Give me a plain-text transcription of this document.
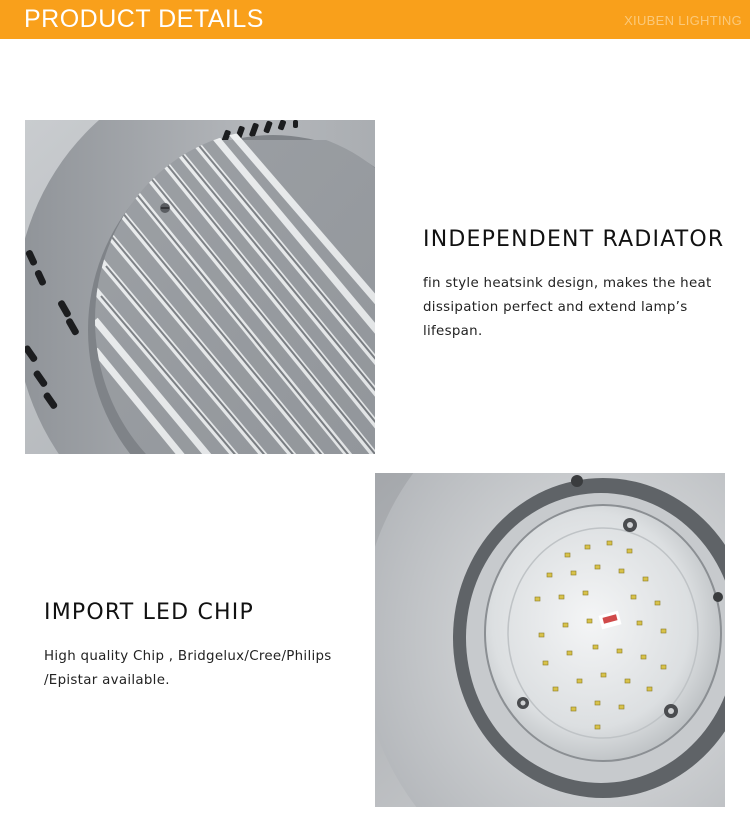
PRODUCT DETAILS	XIUBEN LIGHTING
INDEPENDENT RADIATOR
fin style heatsink design, makes the heat
dissipation perfect and extend lamp’s
lifespan.
IMPORT LED CHIP
High quality Chip , Bridgelux/Cree/Philips
/Epistar available.
